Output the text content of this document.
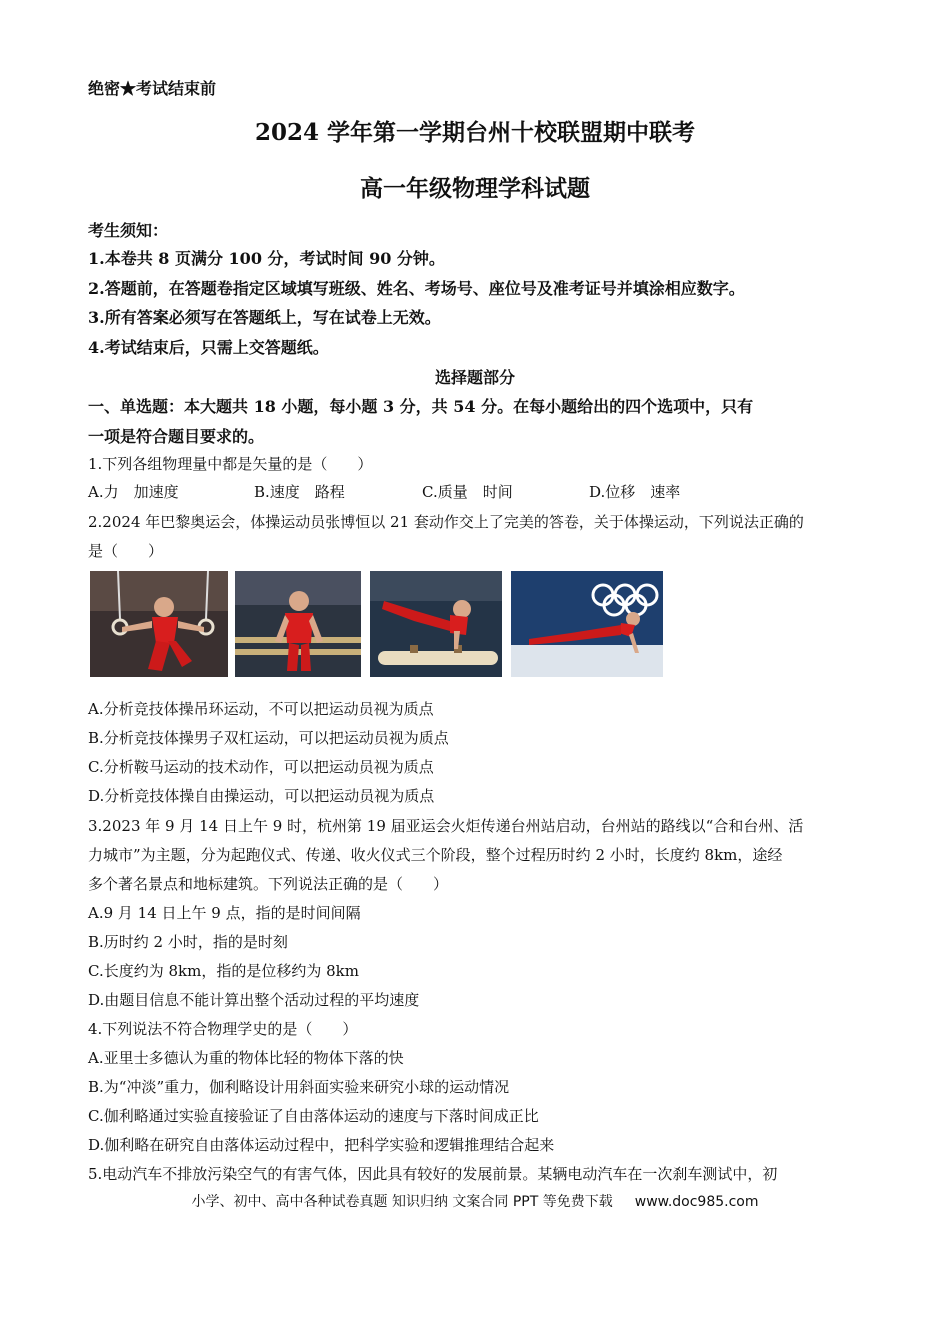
绝密★考试结束前
2024 学年第一学期台州十校联盟期中联考
高一年级物理学科试题
考生须知：
1.本卷共 8 页满分 100 分，考试时间 90 分钟。
2.答题前，在答题卷指定区域填写班级、姓名、考场号、座位号及准考证号并填涂相应数字。
3.所有答案必须写在答题纸上，写在试卷上无效。
4.考试结束后，只需上交答题纸。
选择题部分
一、单选题：本大题共 18 小题，每小题 3 分，共 54 分。在每小题给出的四个选项中，只有
一项是符合题目要求的。
1.下列各组物理量中都是矢量的是（　　）
A.力　加速度	B.速度　路程	C.质量　时间	D.位移　速率
2.2024 年巴黎奥运会，体操运动员张博恒以 21 套动作交上了完美的答卷，关于体操运动，下列说法正确的
是（　　）
A.分析竞技体操吊环运动，不可以把运动员视为质点
B.分析竞技体操男子双杠运动，可以把运动员视为质点
C.分析鞍马运动的技术动作，可以把运动员视为质点
D.分析竞技体操自由操运动，可以把运动员视为质点
3.2023 年 9 月 14 日上午 9 时，杭州第 19 届亚运会火炬传递台州站启动，台州站的路线以“合和台州、活
力城市”为主题，分为起跑仪式、传递、收火仪式三个阶段，整个过程历时约 2 小时，长度约 8km，途经
多个著名景点和地标建筑。下列说法正确的是（　　）
A.9 月 14 日上午 9 点，指的是时间间隔
B.历时约 2 小时，指的是时刻
C.长度约为 8km，指的是位移约为 8km
D.由题目信息不能计算出整个活动过程的平均速度
4.下列说法不符合物理学史的是（　　）
A.亚里士多德认为重的物体比轻的物体下落的快
B.为“冲淡”重力，伽利略设计用斜面实验来研究小球的运动情况
C.伽利略通过实验直接验证了自由落体运动的速度与下落时间成正比
D.伽利略在研究自由落体运动过程中，把科学实验和逻辑推理结合起来
5.电动汽车不排放污染空气的有害气体，因此具有较好的发展前景。某辆电动汽车在一次刹车测试中，初
小学、初中、高中各种试卷真题 知识归纳 文案合同 PPT 等免费下载 www.doc985.com
